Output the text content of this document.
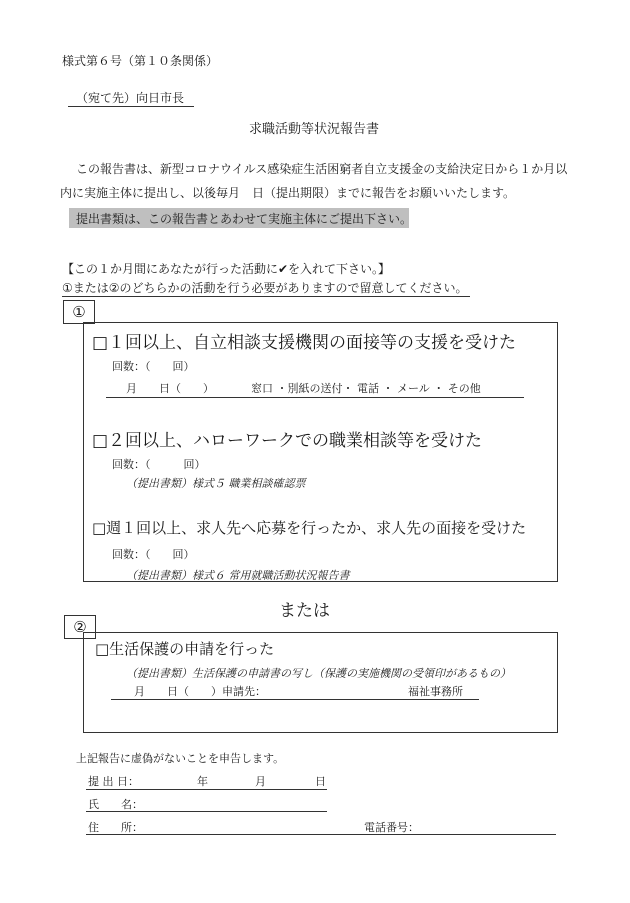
様式第６号（第１０条関係）
（宛て先）向日市長
求職活動等状況報告書
この報告書は、新型コロナウイルス感染症生活困窮者自立支援金の支給決定日から１か月以
内に実施主体に提出し、以後毎月　日（提出期限）までに報告をお願いいたします。
提出書類は、この報告書とあわせて実施主体にご提出下さい。
【この１か月間にあなたが行った活動に✔を入れて下さい。】
①または②のどちらかの活動を行う必要がありますので留意してください。
①
□１回以上、自立相談支援機関の面接等の支援を受けた
回数：（　　回）
月　　日（　　）	窓口 ・別紙の送付・ 電話 ・ メール ・ その他
□２回以上、ハローワークでの職業相談等を受けた
回数：（　　　回）
（提出書類）様式５ 職業相談確認票
□週１回以上、求人先へ応募を行ったか、求人先の面接を受けた
回数：（　　回）
（提出書類）様式６ 常用就職活動状況報告書
または
②
□生活保護の申請を行った
（提出書類）生活保護の申請書の写し（保護の実施機関の受領印があるもの）
月　　日（　　）申請先：	福祉事務所
上記報告に虚偽がないことを申告します。
提 出 日：	年	月	日
氏　　名：
住　　所：	電話番号：
